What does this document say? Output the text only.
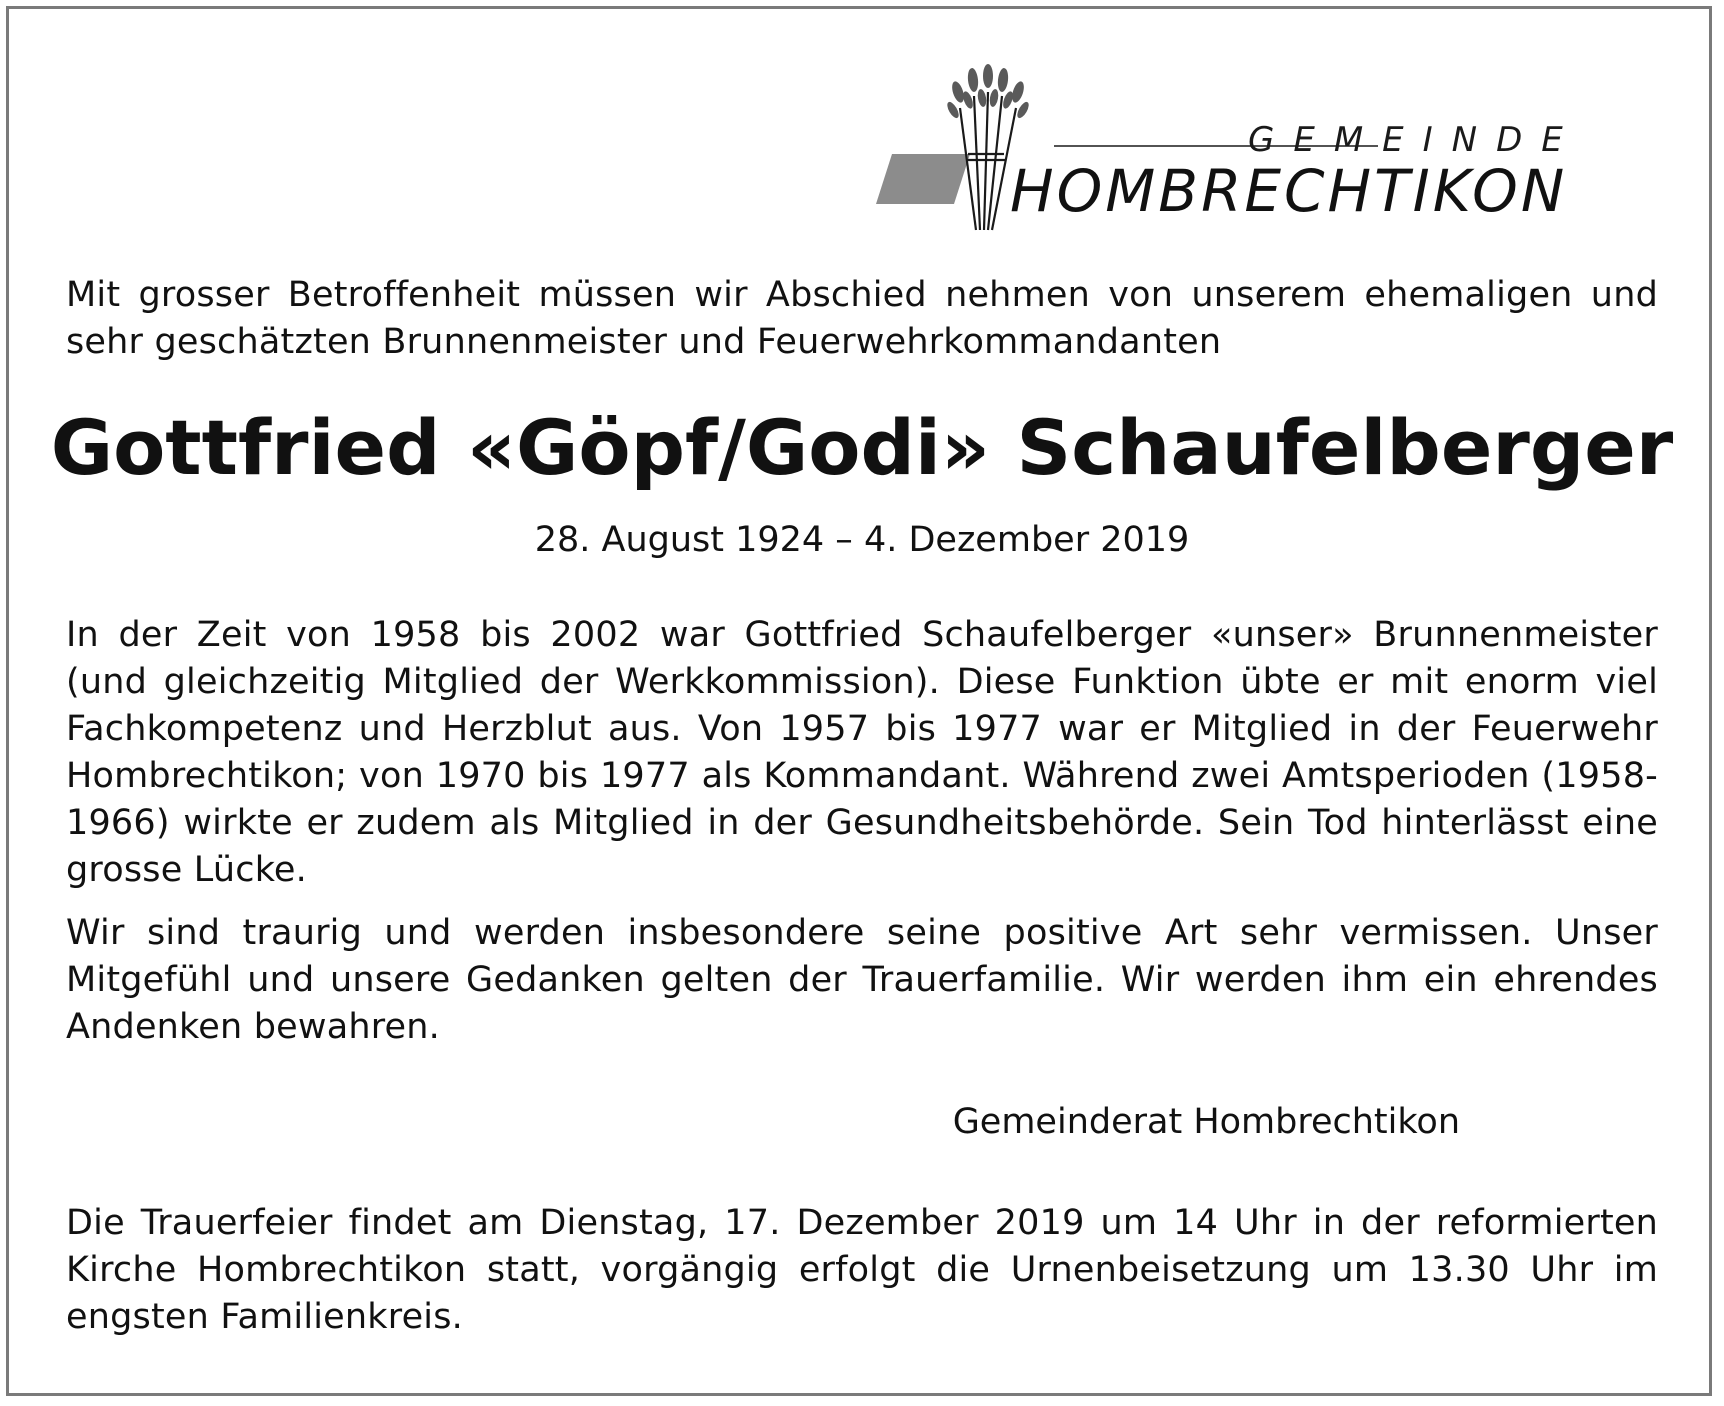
GEMEINDE
HOMBRECHTIKON

Mit grosser Betroffenheit müssen wir Abschied nehmen von unserem ehemaligen und sehr geschätzten Brunnenmeister und Feuerwehrkommandanten

Gottfried «Göpf/Godi» Schaufelberger

28. August 1924 – 4. Dezember 2019

In der Zeit von 1958 bis 2002 war Gottfried Schaufelberger «unser» Brunnenmeister (und gleichzeitig Mitglied der Werkkommission). Diese Funktion übte er mit enorm viel Fachkompetenz und Herzblut aus. Von 1957 bis 1977 war er Mitglied in der Feuerwehr Hombrechtikon; von 1970 bis 1977 als Kommandant. Während zwei Amtsperioden (1958-1966) wirkte er zudem als Mitglied in der Gesundheitsbehörde. Sein Tod hinterlässt eine grosse Lücke.

Wir sind traurig und werden insbesondere seine positive Art sehr vermissen. Unser Mitgefühl und unsere Gedanken gelten der Trauerfamilie. Wir werden ihm ein ehrendes Andenken bewahren.

Gemeinderat Hombrechtikon

Die Trauerfeier findet am Dienstag, 17. Dezember 2019 um 14 Uhr in der reformierten Kirche Hombrechtikon statt, vorgängig erfolgt die Urnenbeisetzung um 13.30 Uhr im engsten Familienkreis.
